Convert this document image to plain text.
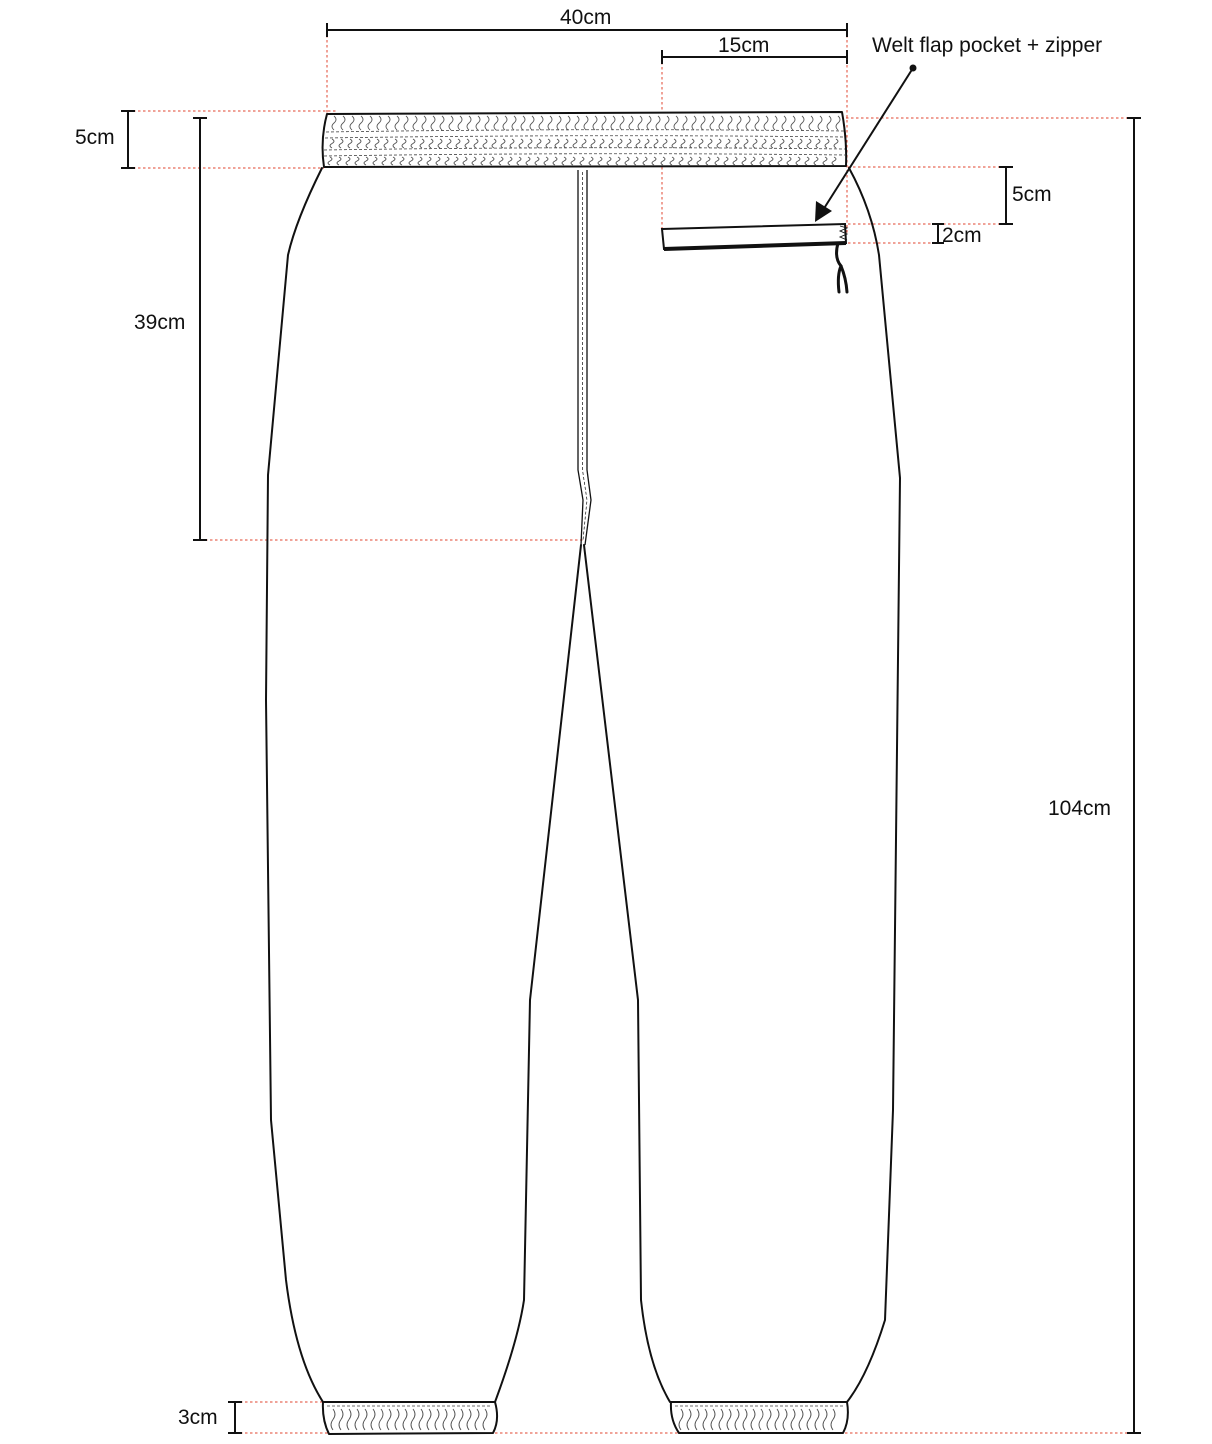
40cm
15cm	Welt flap pocket + zipper
5cm
5cm
2cm
39cm
104cm
3cm
